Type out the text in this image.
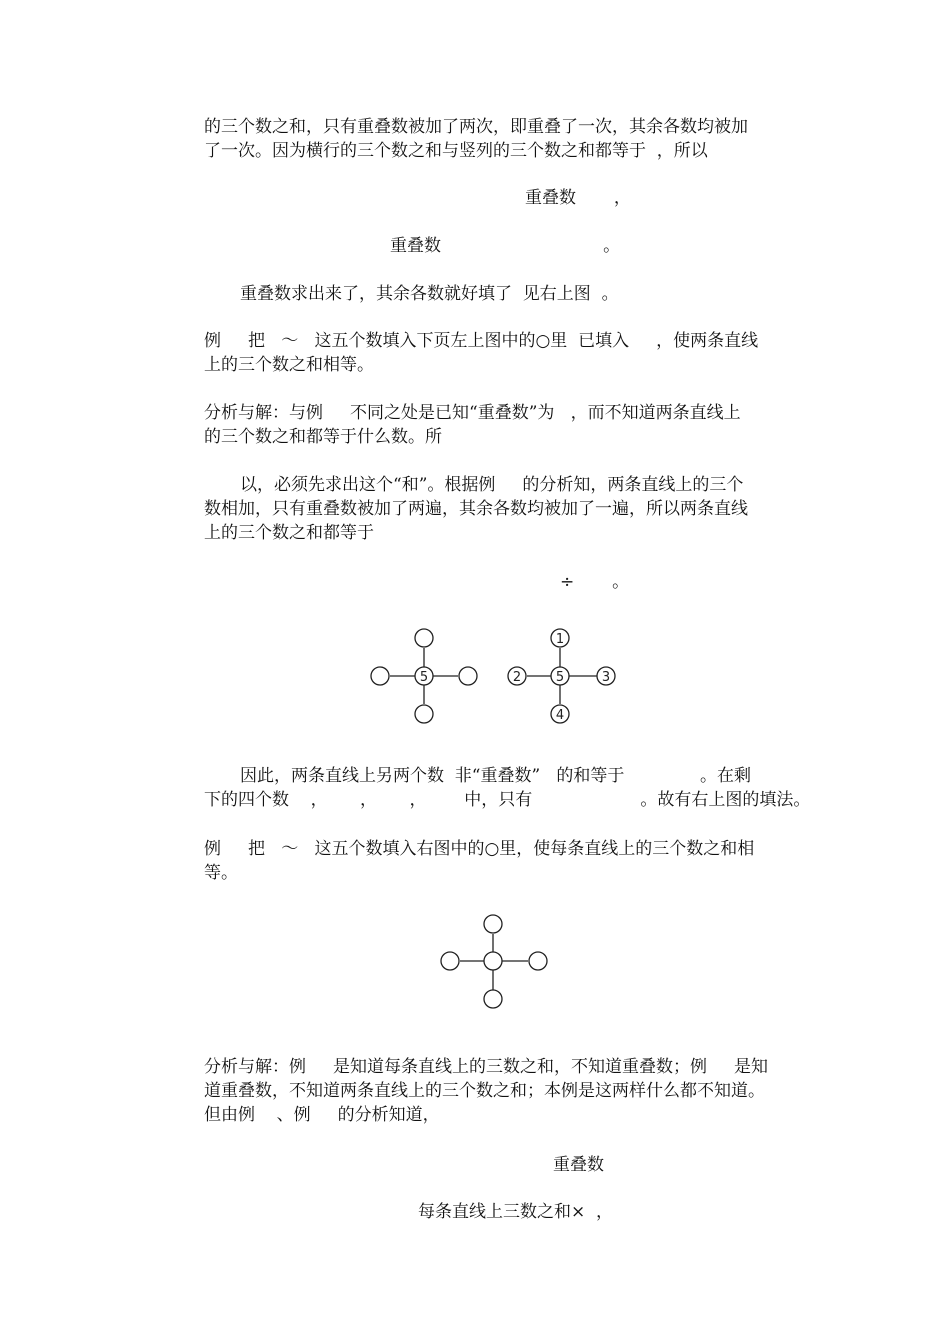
的三个数之和，只有重叠数被加了两次，即重叠了一次，其余各数均被加
了一次。因为横行的三个数之和与竖列的三个数之和都等于  ，所以
重叠数       ，
重叠数                              。
重叠数求出来了，其余各数就好填了  见右上图  。
例     把   ～   这五个数填入下页左上图中的○里  已填入     ，使两条直线
上的三个数之和相等。
分析与解：与例     不同之处是已知“重叠数”为   ，而不知道两条直线上
的三个数之和都等于什么数。所
以，必须先求出这个“和”。根据例     的分析知，两条直线上的三个
数相加，只有重叠数被加了两遍，其余各数均被加了一遍，所以两条直线
上的三个数之和都等于
÷       。
5
1
2	5	3
4
因此，两条直线上另两个数  非“重叠数”   的和等于              。在剩
下的四个数    ，      ，      ，       中，只有                    。故有右上图的填法。
例     把   ～   这五个数填入右图中的○里，使每条直线上的三个数之和相
等。
分析与解：例     是知道每条直线上的三数之和，不知道重叠数；例     是知
道重叠数，不知道两条直线上的三个数之和；本例是这两样什么都不知道。
但由例    、例     的分析知道，
重叠数
每条直线上三数之和×  ，
